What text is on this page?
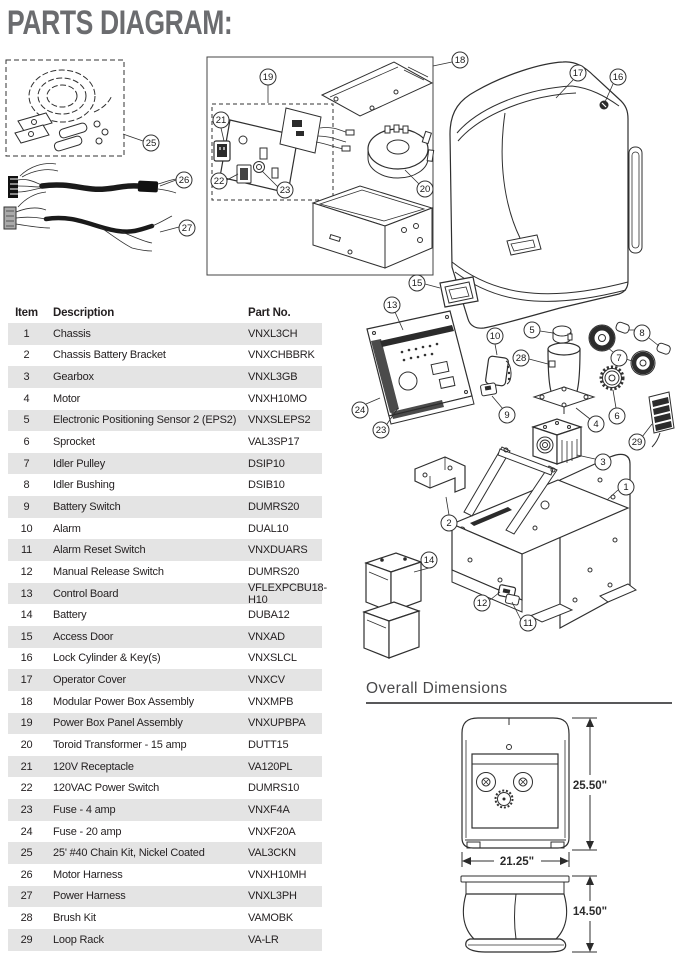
PARTS DIAGRAM:
25
26
27
19
21
22
23
18
20
17	16
15
13
24
23
10
9
5
28
4
7
8
6
29
3
1
2
14
12
11
Item	Description	Part No.
1	Chassis	VNXL3CH
2	Chassis Battery Bracket	VNXCHBBRK
3	Gearbox	VNXL3GB
4	Motor	VNXH10MO
5	Electronic Positioning Sensor 2 (EPS2)	VNXSLEPS2
6	Sprocket	VAL3SP17
7	Idler Pulley	DSIP10
8	Idler Bushing	DSIB10
9	Battery Switch	DUMRS20
10	Alarm	DUAL10
11	Alarm Reset Switch	VNXDUARS
12	Manual Release Switch	DUMRS20
13	Control Board	VFLEXPCBU18-H10
14	Battery	DUBA12
15	Access Door	VNXAD
16	Lock Cylinder & Key(s)	VNXSLCL
17	Operator Cover	VNXCV
18	Modular Power Box Assembly	VNXMPB
19	Power Box Panel Assembly	VNXUPBPA
20	Toroid Transformer - 15 amp	DUTT15
21	120V Receptacle	VA120PL
22	120VAC Power Switch	DUMRS10
23	Fuse - 4 amp	VNXF4A
24	Fuse - 20 amp	VNXF20A
25	25' #40 Chain Kit, Nickel Coated	VAL3CKN
26	Motor Harness	VNXH10MH
27	Power Harness	VNXL3PH
28	Brush Kit	VAMOBK
29	Loop Rack	VA-LR
Overall Dimensions
25.50"
21.25"
14.50"
